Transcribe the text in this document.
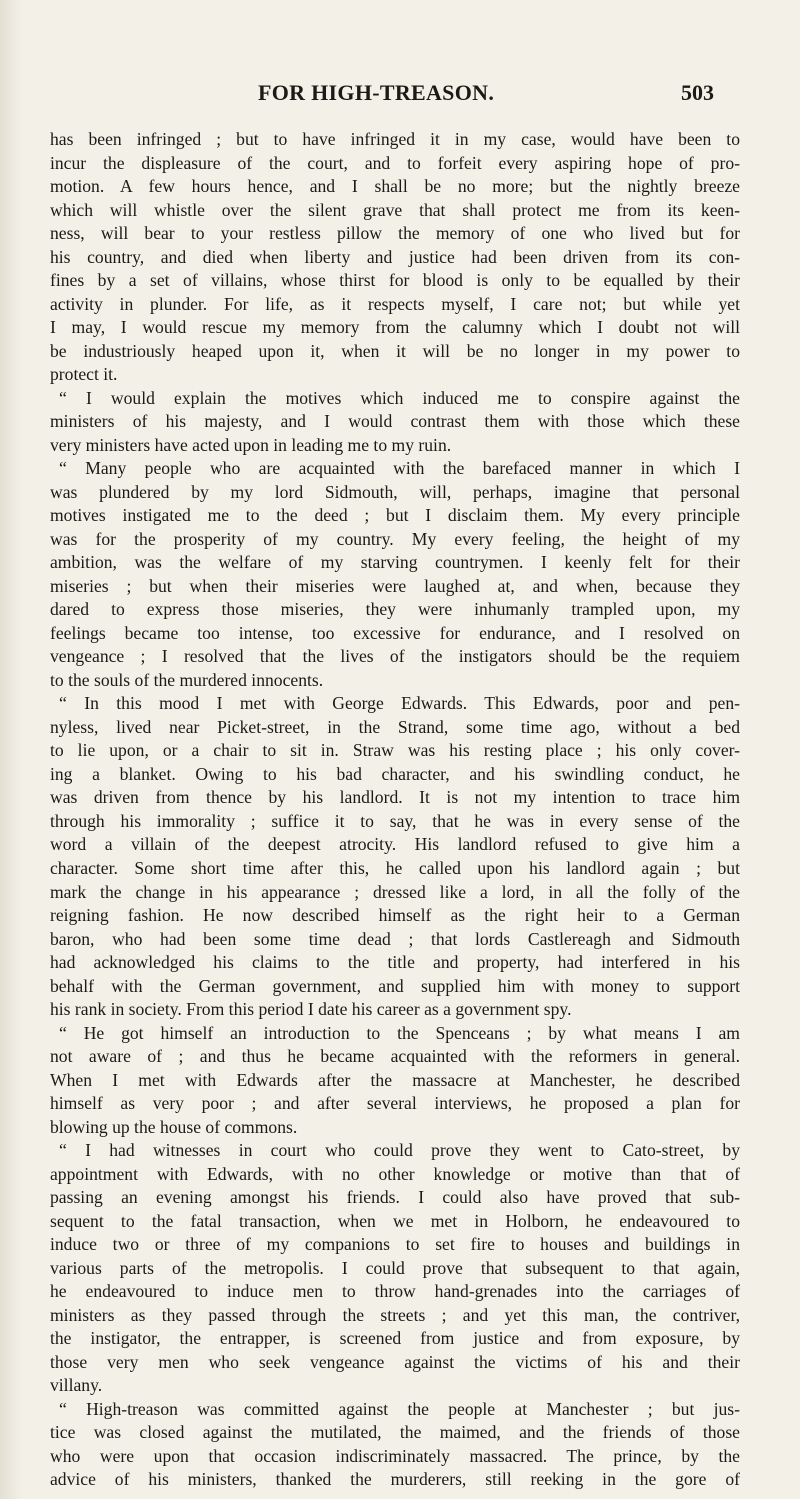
FOR HIGH-TREASON.	503
has been infringed ; but to have infringed it in my case, would have been to
incur the displeasure of the court, and to forfeit every aspiring hope of pro-
motion. A few hours hence, and I shall be no more; but the nightly breeze
which will whistle over the silent grave that shall protect me from its keen-
ness, will bear to your restless pillow the memory of one who lived but for
his country, and died when liberty and justice had been driven from its con-
fines by a set of villains, whose thirst for blood is only to be equalled by their
activity in plunder. For life, as it respects myself, I care not; but while yet
I may, I would rescue my memory from the calumny which I doubt not will
be industriously heaped upon it, when it will be no longer in my power to
protect it.
“ I would explain the motives which induced me to conspire against the
ministers of his majesty, and I would contrast them with those which these
very ministers have acted upon in leading me to my ruin.
“ Many people who are acquainted with the barefaced manner in which I
was plundered by my lord Sidmouth, will, perhaps, imagine that personal
motives instigated me to the deed ; but I disclaim them. My every principle
was for the prosperity of my country. My every feeling, the height of my
ambition, was the welfare of my starving countrymen. I keenly felt for their
miseries ; but when their miseries were laughed at, and when, because they
dared to express those miseries, they were inhumanly trampled upon, my
feelings became too intense, too excessive for endurance, and I resolved on
vengeance ; I resolved that the lives of the instigators should be the requiem
to the souls of the murdered innocents.
“ In this mood I met with George Edwards. This Edwards, poor and pen-
nyless, lived near Picket-street, in the Strand, some time ago, without a bed
to lie upon, or a chair to sit in. Straw was his resting place ; his only cover-
ing a blanket. Owing to his bad character, and his swindling conduct, he
was driven from thence by his landlord. It is not my intention to trace him
through his immorality ; suffice it to say, that he was in every sense of the
word a villain of the deepest atrocity. His landlord refused to give him a
character. Some short time after this, he called upon his landlord again ; but
mark the change in his appearance ; dressed like a lord, in all the folly of the
reigning fashion. He now described himself as the right heir to a German
baron, who had been some time dead ; that lords Castlereagh and Sidmouth
had acknowledged his claims to the title and property, had interfered in his
behalf with the German government, and supplied him with money to support
his rank in society. From this period I date his career as a government spy.
“ He got himself an introduction to the Spenceans ; by what means I am
not aware of ; and thus he became acquainted with the reformers in general.
When I met with Edwards after the massacre at Manchester, he described
himself as very poor ; and after several interviews, he proposed a plan for
blowing up the house of commons.
“ I had witnesses in court who could prove they went to Cato-street, by
appointment with Edwards, with no other knowledge or motive than that of
passing an evening amongst his friends. I could also have proved that sub-
sequent to the fatal transaction, when we met in Holborn, he endeavoured to
induce two or three of my companions to set fire to houses and buildings in
various parts of the metropolis. I could prove that subsequent to that again,
he endeavoured to induce men to throw hand-grenades into the carriages of
ministers as they passed through the streets ; and yet this man, the contriver,
the instigator, the entrapper, is screened from justice and from exposure, by
those very men who seek vengeance against the victims of his and their
villany.
“ High-treason was committed against the people at Manchester ; but jus-
tice was closed against the mutilated, the maimed, and the friends of those
who were upon that occasion indiscriminately massacred. The prince, by the
advice of his ministers, thanked the murderers, still reeking in the gore of
